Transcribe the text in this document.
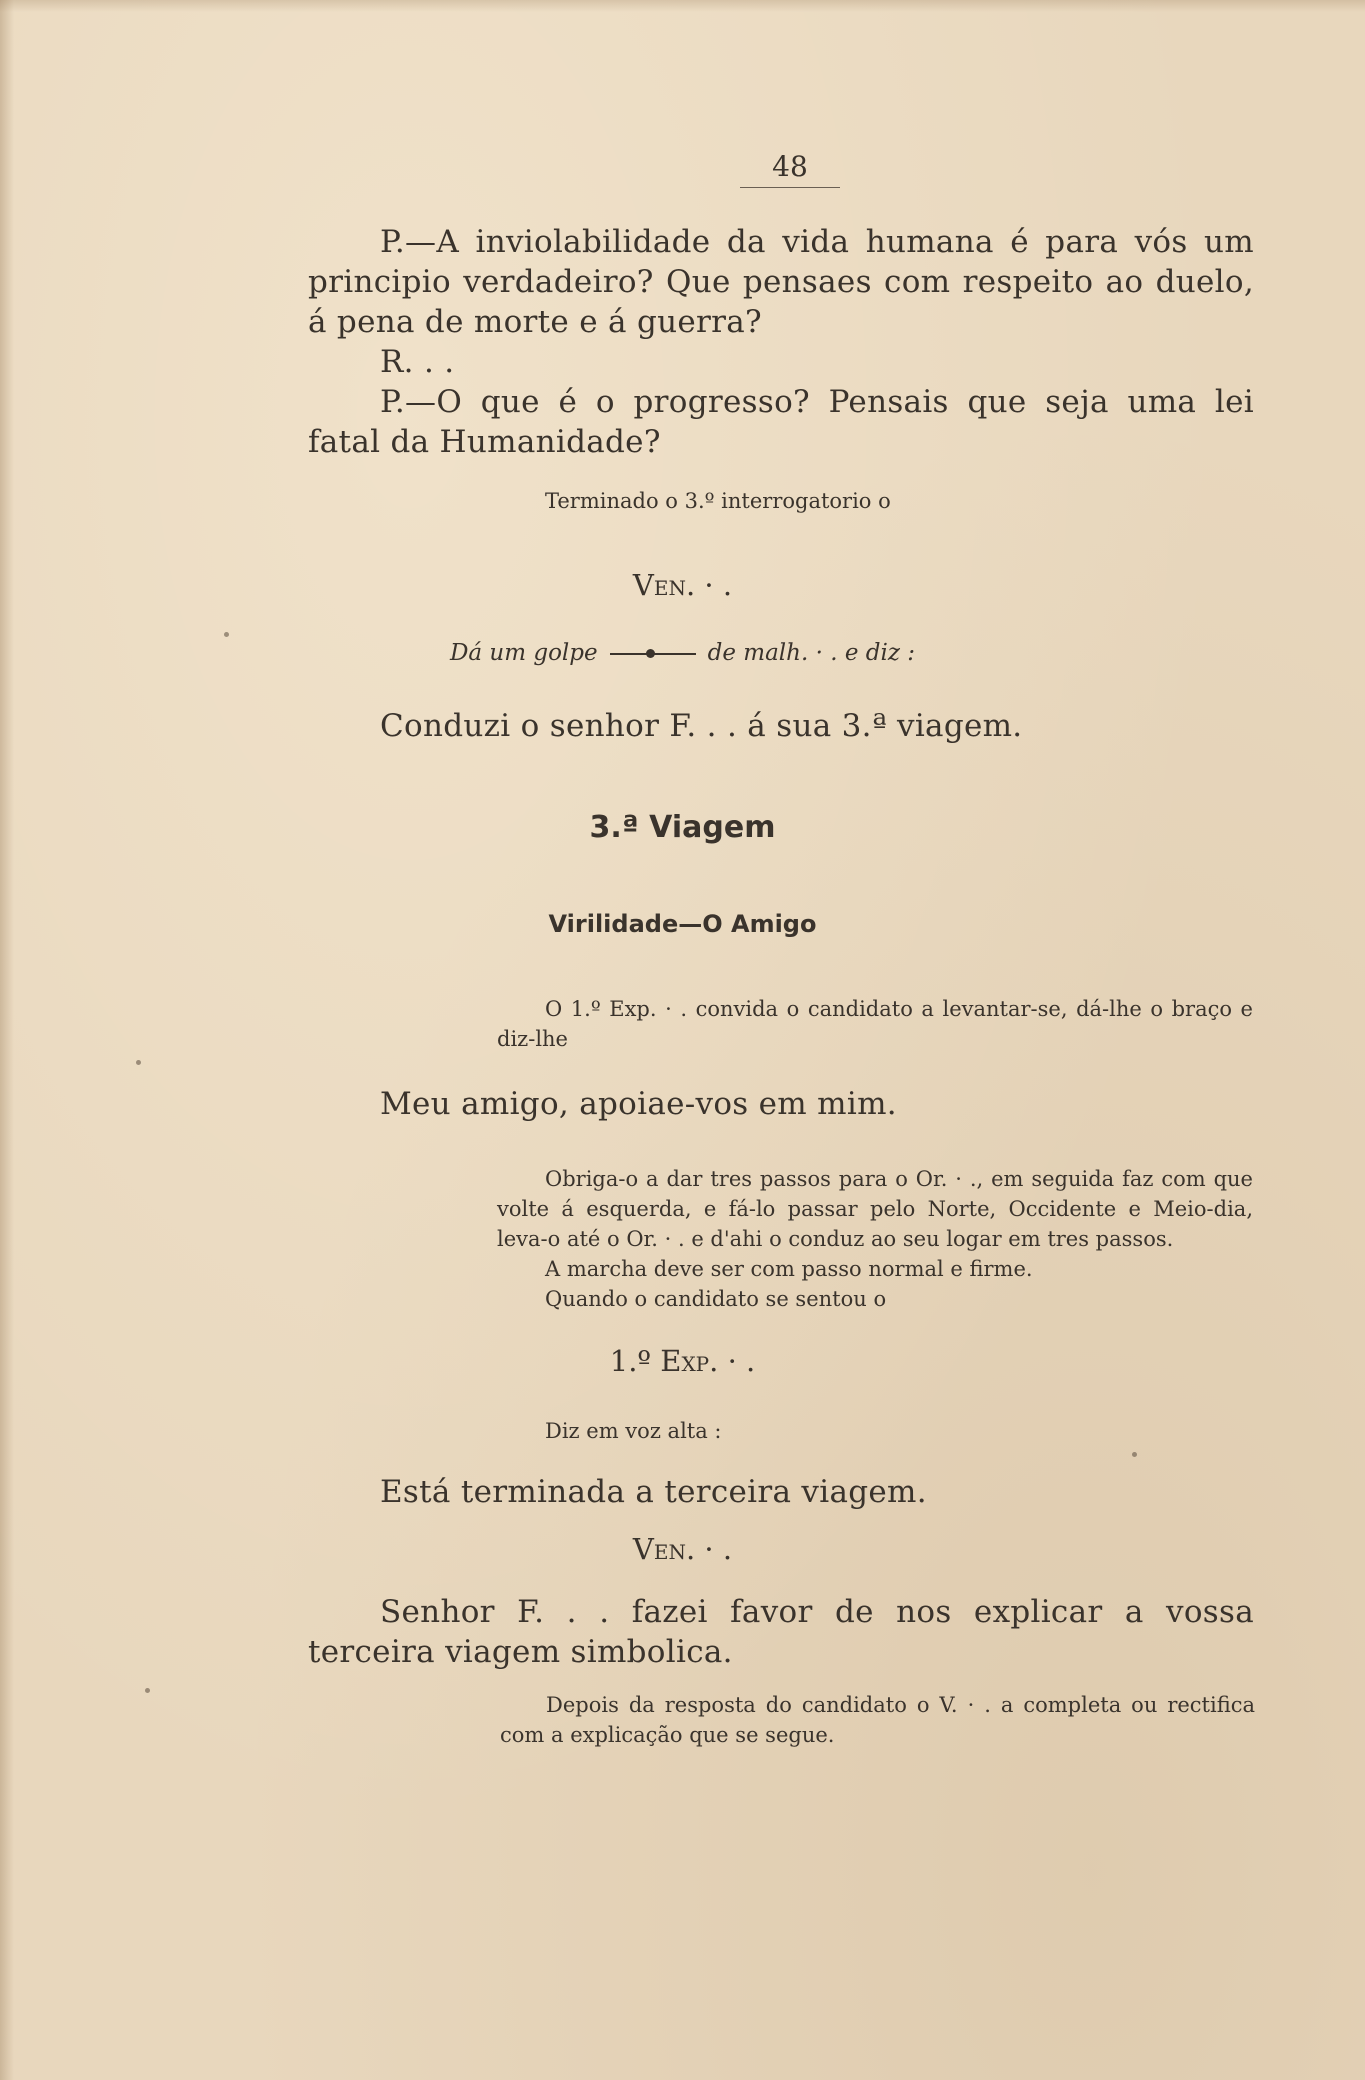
48
P.—A inviolabilidade da vida humana é para vós um principio verdadeiro? Que pensaes com respeito ao duelo, á pena de morte e á guerra?
R. . .
P.—O que é o progresso? Pensais que seja uma lei fatal da Humanidade?
Terminado o 3.º interrogatorio o
Ven. · .
Dá um golpe	de malh. · . e diz :
Conduzi o senhor F. . . á sua 3.ª viagem.
3.ª Viagem
Virilidade—O Amigo
O 1.º Exp. · . convida o candidato a levantar-se, dá-lhe o braço e diz-lhe
Meu amigo, apoiae-vos em mim.
Obriga-o a dar tres passos para o Or. · ., em seguida faz com que volte á esquerda, e fá-lo passar pelo Norte, Occidente e Meio-dia, leva-o até o Or. · . e d'ahi o conduz ao seu logar em tres passos.
A marcha deve ser com passo normal e firme.
Quando o candidato se sentou o
1.º Exp. · .
Diz em voz alta :
Está terminada a terceira viagem.
Ven. · .
Senhor F. . . fazei favor de nos explicar a vossa terceira viagem simbolica.
Depois da resposta do candidato o V. · . a completa ou rectifica com a explicação que se segue.
